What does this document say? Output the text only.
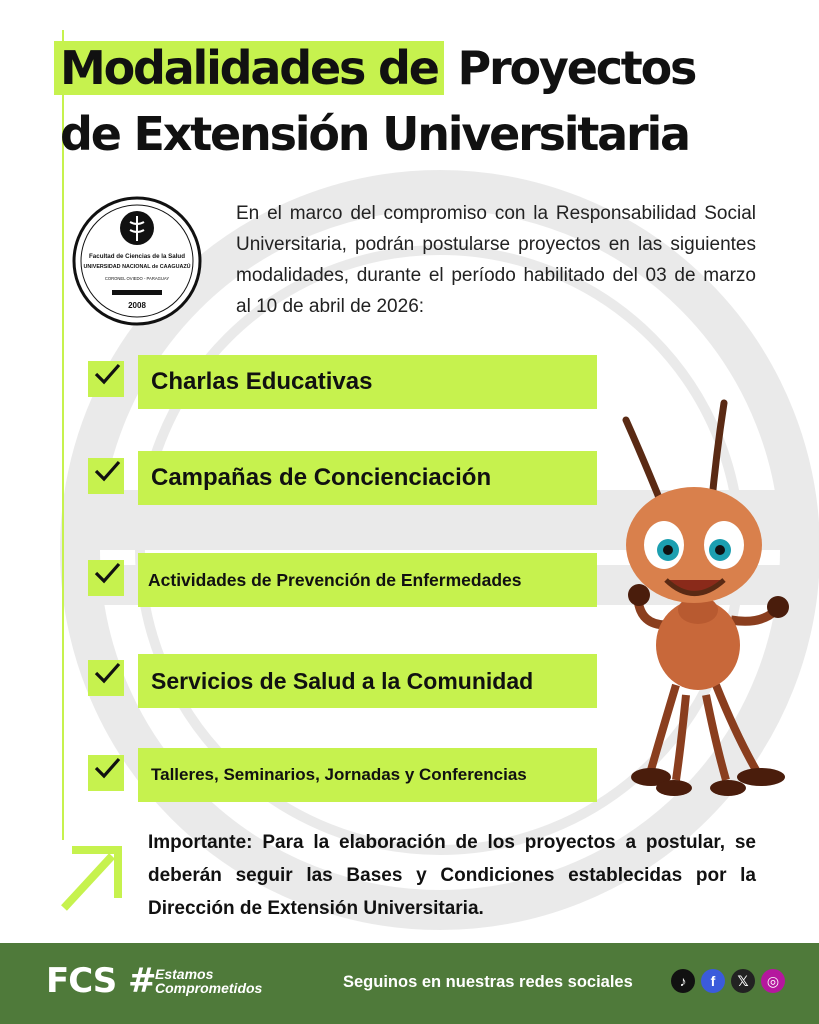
Modalidades de Proyectos
de Extensión Universitaria
Facultad de Ciencias de la Salud
UNIVERSIDAD NACIONAL de CAAGUAZÚ
CORONEL OVIEDO - PARAGUAY
2008

En el marco del compromiso con la Responsabilidad Social Universitaria, podrán postularse proyectos en las siguientes modalidades, durante el período habilitado del 03 de marzo al 10 de abril de 2026:

Charlas Educativas
Campañas de Concienciación
Actividades de Prevención de Enfermedades
Servicios de Salud a la Comunidad
Talleres, Seminarios, Jornadas y Conferencias

Importante: Para la elaboración de los proyectos a postular, se deberán seguir las Bases y Condiciones establecidas por la Dirección de Extensión Universitaria.

FCS #
Estamos
Comprometidos	Seguinos en nuestras redes sociales	♪	f	𝕏	◎
